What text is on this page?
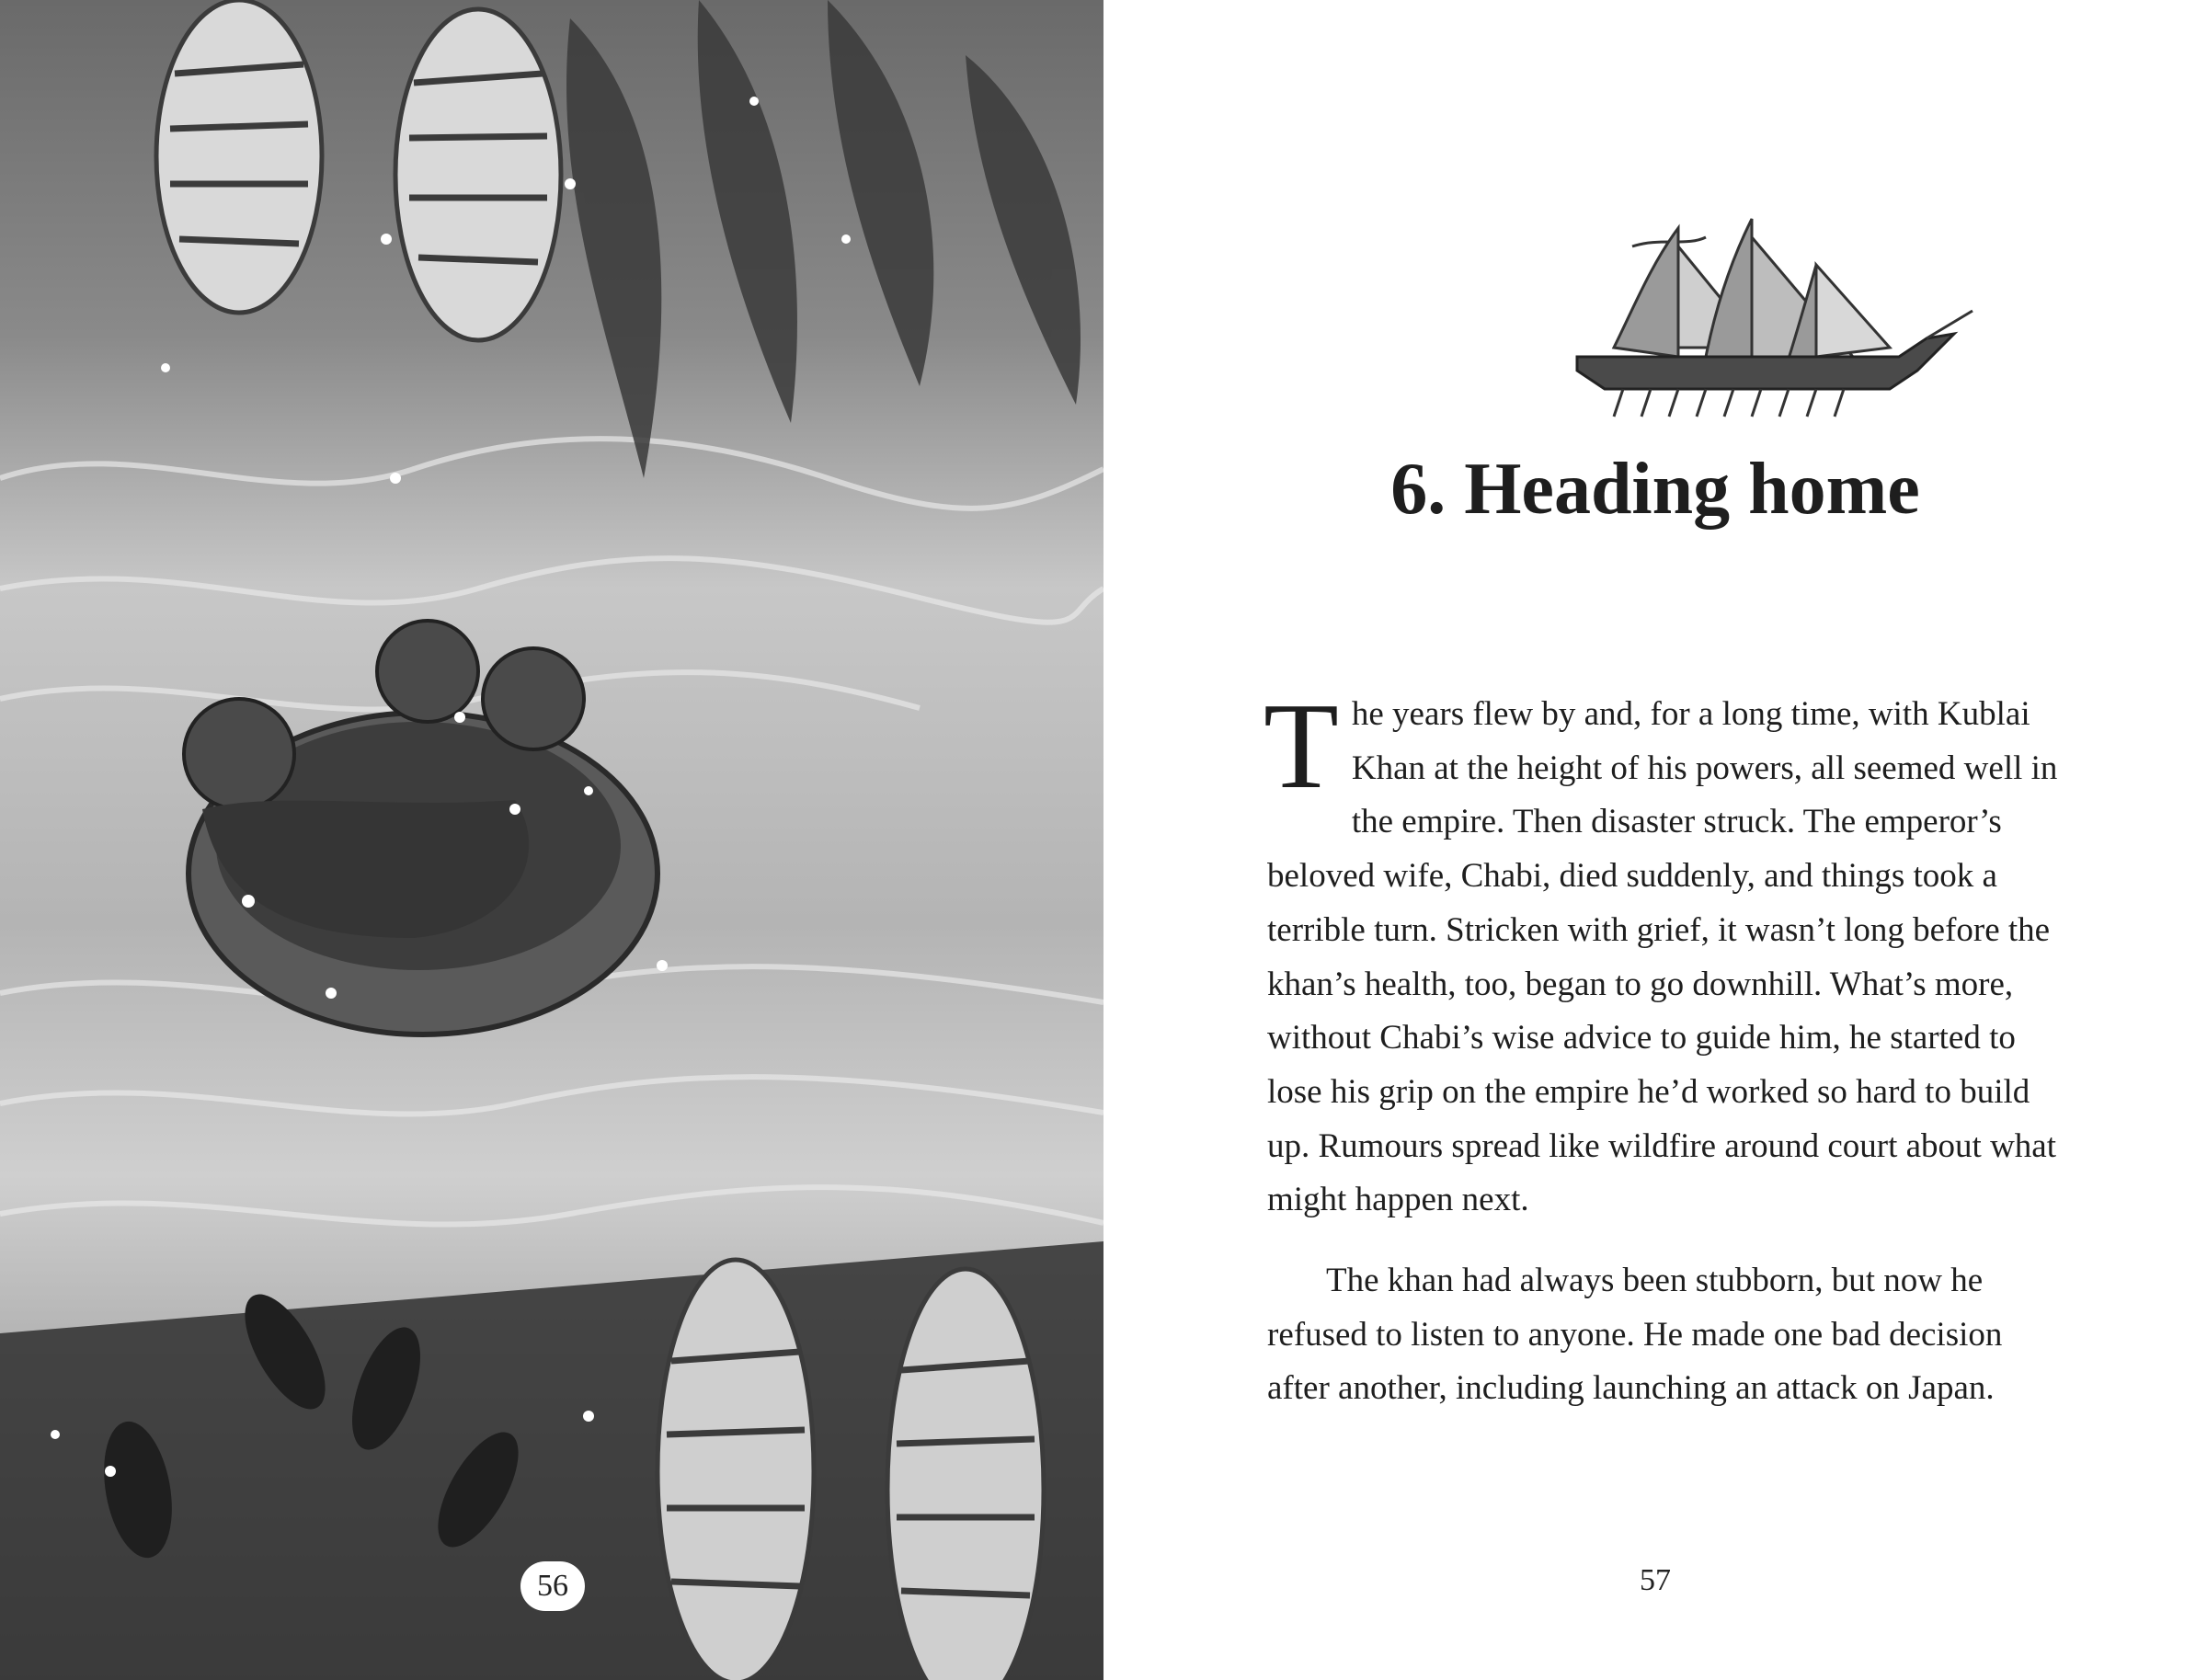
56
6. Heading home

The years flew by and, for a long time, with Kublai Khan at the height of his powers, all seemed well in the empire. Then disaster struck. The emperor’s beloved wife, Chabi, died suddenly, and things took a terrible turn. Stricken with grief, it wasn’t long before the khan’s health, too, began to go downhill. What’s more, without Chabi’s wise advice to guide him, he started to lose his grip on the empire he’d worked so hard to build up. Rumours spread like wildfire around court about what might happen next.

The khan had always been stubborn, but now he refused to listen to anyone. He made one bad decision after another, including launching an attack on Japan.

57
